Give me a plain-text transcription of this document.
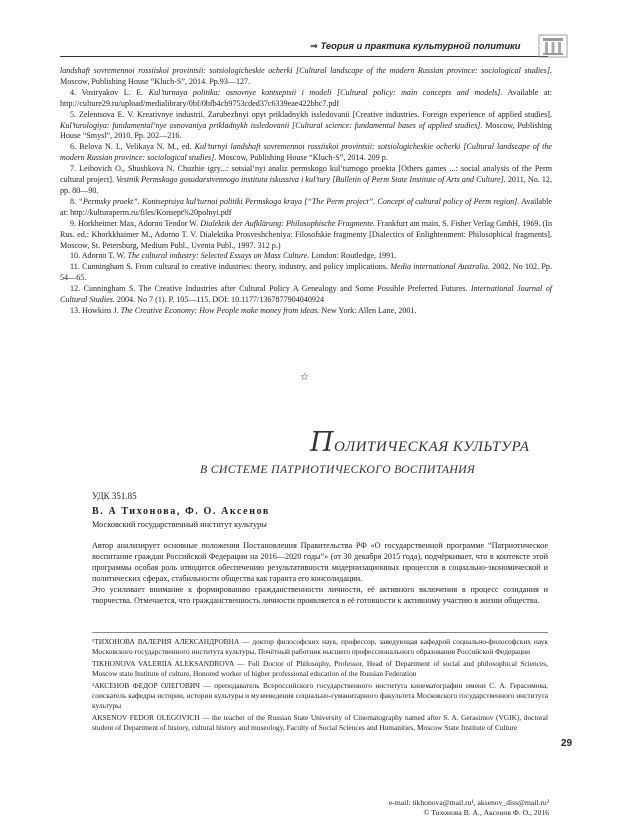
⇒ Теория и практика культурной политики

landshaft sovremennoi rossiiskoi provintsii: sotsiologicheskie ocherki [Cultural landscape of the modern Russian province: sociological studies]. Moscow, Publishing House “Kluch-S”, 2014. Pp.93—127.

4. Vostryakov L. E. Kul’turnaya politika: osnovnye kontseptsii i modeli [Cultural policy: main concepts and models]. Available at: http://culture29.ru/upload/medialibrary/0bf/0bfb4cb9753cded37c6339eae422bbc7.pdf

5. Zelentsova E. V. Kreativnye industrii. Zarubezhnyi opyt prikladnykh issledovanii [Creative industries. Foreign experience of applied studies]. Kul’turologiya: fundamental’nye osnovaniya prikladnykh issledovanii [Cultural science: fundamental bases of applied studies]. Moscow, Publishing House “Smysl”, 2010. Pp. 202—216.

6. Belova N. I., Velikaya N. M., ed. Kul’turnyi landshaft sovremennoi rossiiskoi provintsii: sotsiologicheskie ocherki [Cultural landscape of the modern Russian province: sociological studies]. Moscow, Publishing House “Kluch-S”, 2014. 209 p.

7. Leibovich O., Shushkova N. Chuzhie igry...: sotsial’nyi analiz permskogo kul’turnogo proekta [Others games ...: social analysis of the Perm cultural project]. Vestnik Permskogo gosudarstvennogo instituta iskusstva i kul’tury [Bulletin of Perm State Institute of Arts and Culture]. 2011, No. 12, pp. 80—90.

8. “Permsky proekt”. Kontseptsiya kul’turnoi politiki Permskogo kraya [“The Perm project”. Concept of cultural policy of Perm region]. Available at: http://kulturaperm.ru/files/Konsept%20polnyi.pdf

9. Horkheimer Max, Adorno Teodor W. Dialektik der Aufklärung: Philosophische Fragmente. Frankfurt am main, S. Fisher Verlag GmbH, 1969. (In Rus. ed.: Khorkkhaimer M., Adorno T. V. Dialektika Prosveshcheniya: Filosofskie fragmenty [Dialectics of Enlightenment: Philosophical fragments]. Moscow, St. Petersburg, Medium Publ., Uventa Publ., 1997. 312 p.)

10. Adorno T. W. The cultural industry: Selected Essays on Mass Culture. London: Routledge, 1991.

11. Cunningham S. From cultural to creative industries: theory, industry, and policy implications. Media international Australia. 2002. No 102. Pp. 54—65.

12. Cunningham S. The Creative Industries after Cultural Policy A Genealogy and Some Possible Preferred Futures. International Journal of Cultural Studies. 2004. No 7 (1). P. 105—115. DOI: 10.1177/1367877904040924

13. Howkins J. The Creative Economy: How People make money from ideas. New York: Allen Lane, 2001.

☆
ПОЛИТИЧЕСКАЯ КУЛЬТУРА
В СИСТЕМЕ ПАТРИОТИЧЕСКОГО ВОСПИТАНИЯ
УДК 351.85
В. А Тихонова, Ф. О. Аксенов
Московский государственный институт культуры

Автор анализирует основные положения Постановления Правительства РФ «О государственной программе “Патриотическое воспитание граждан Российской Федерации на 2016—2020 годы”» (от 30 декабря 2015 года), подчёркивает, что в контексте этой программы особая роль отводится обеспечению результативности модернизационных процессов в социально-экономической и политических сферах, стабильности общества как гаранта его консолидации.

Это усиливает внимание к формированию гражданственности личности, её активного включения в процесс созидания и творчества. Отмечается, что гражданственность личности проявляется в её готовности к активному участию в жизни общества.

¹ТИХОНОВА ВАЛЕРИЯ АЛЕКСАНДРОВНА — доктор философских наук, профессор, заведующая кафедрой социально-философских наук Московского государственного института культуры, Почётный работник высшего профессионального образования Российской Федерации

TIKHONOVA VALERIIA ALEKSANDROVA — Full Doctor of Philosophy, Professor, Head of Department of social and philosophical Sciences, Moscow state Institute of culture, Honored worker of higher professional education of the Russian Federation

²АКСЕНОВ ФЕДОР ОЛЕГОВИЧ — преподаватель Всероссийского государственного института кинематографии имени С. А. Герасимова, соискатель кафедры истории, истории культуры и музееведения социально-гуманитарного факультета Московского государственного института культуры

AKSENOV FEDOR OLEGOVICH — the teacher of the Russian State University of Cinematography named after S. A. Gerasimov (VGIK), doctoral student of Department of history, cultural history and museology, Faculty of Social Sciences and Humanities, Moscow State Institute of Culture

29
e-mail: tikhonova@mail.ru¹, aksenov_diss@mail.ru²
© Тихонова В. А., Аксенов Ф. О., 2016
